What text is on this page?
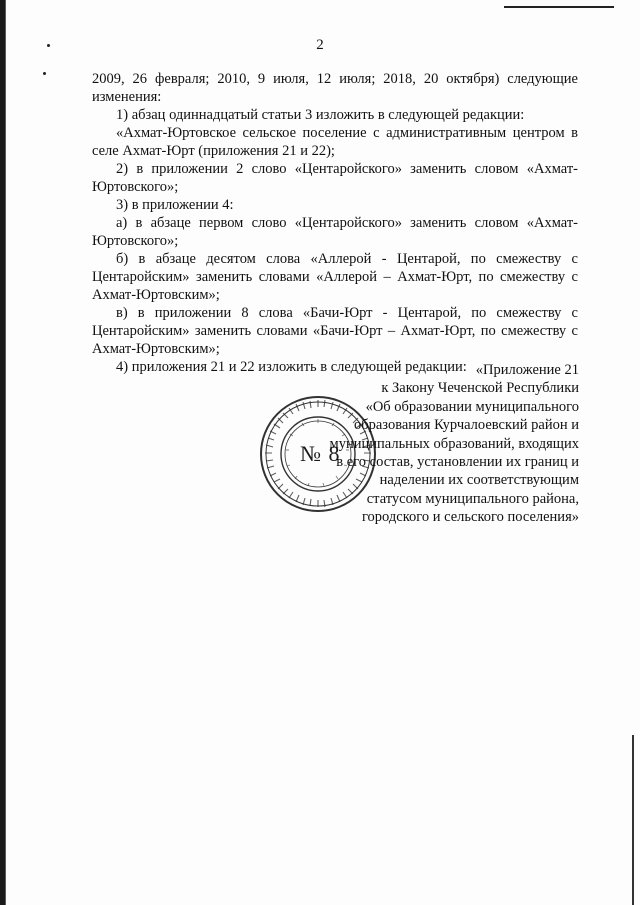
2

2009, 26 февраля; 2010, 9 июля, 12 июля; 2018, 20 октября) следующие изменения:

1) абзац одиннадцатый статьи 3 изложить в следующей редакции:

«Ахмат-Юртовское сельское поселение с административным центром в селе Ахмат-Юрт (приложения 21 и 22);

2) в приложении 2 слово «Центаройского» заменить словом «Ахмат-Юртовского»;

3) в приложении 4:

а) в абзаце первом слово «Центаройского» заменить словом «Ахмат-Юртовского»;

б) в абзаце десятом слова «Аллерой - Центарой, по смежеству с Центаройским» заменить словами «Аллерой – Ахмат-Юрт, по смежеству с Ахмат-Юртовским»;

в) в приложении 8 слова «Бачи-Юрт - Центарой, по смежеству с Центаройским» заменить словами «Бачи-Юрт – Ахмат-Юрт, по смежеству с Ахмат-Юртовским»;

4) приложения 21 и 22 изложить в следующей редакции:

№ 8
«Приложение 21
к Закону Чеченской Республики
«Об образовании муниципального
образования Курчалоевский район и
муниципальных образований, входящих
в его состав, установлении их границ и
наделении их соответствующим
статусом муниципального района,
городского и сельского поселения»
